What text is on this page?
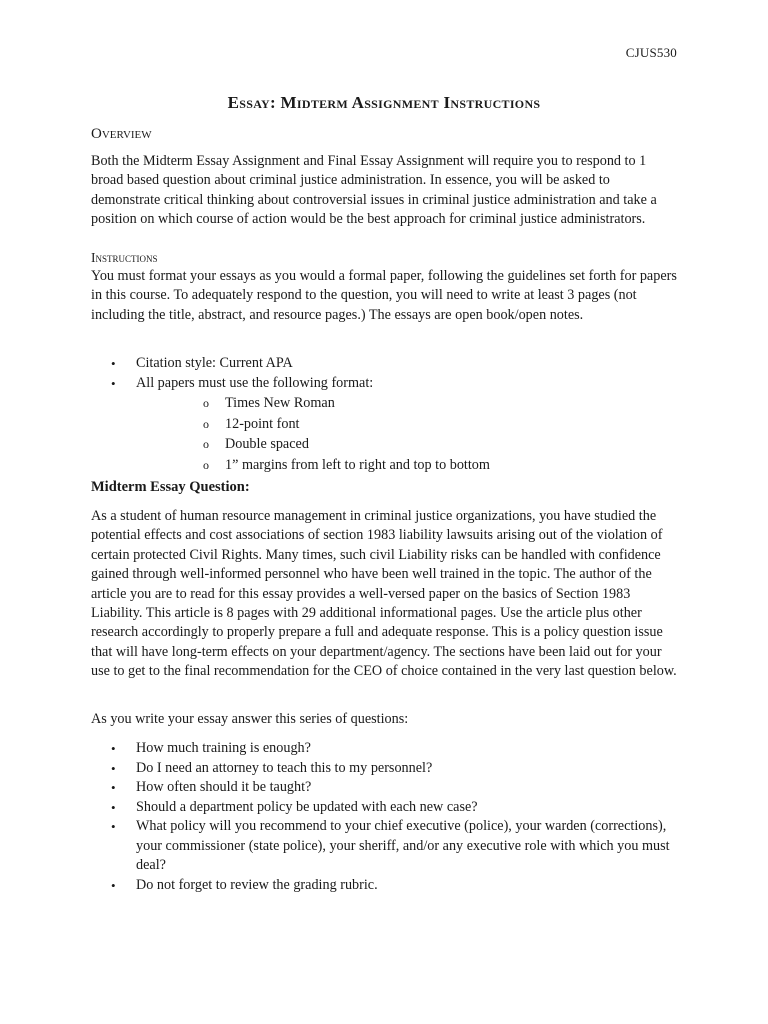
CJUS530
Essay: Midterm Assignment Instructions
Overview

Both the Midterm Essay Assignment and Final Essay Assignment will require you to respond to 1 broad based question about criminal justice administration. In essence, you will be asked to demonstrate critical thinking about controversial issues in criminal justice administration and take a position on which course of action would be the best approach for criminal justice administrators.

Instructions

You must format your essays as you would a formal paper, following the guidelines set forth for papers in this course. To adequately respond to the question, you will need to write at least 3 pages (not including the title, abstract, and resource pages.) The essays are open book/open notes.

• Citation style: Current APA
• All papers must use the following format:
o Times New Roman
o 12-point font
o Double spaced
o 1” margins from left to right and top to bottom
Midterm Essay Question:

As a student of human resource management in criminal justice organizations, you have studied the potential effects and cost associations of section 1983 liability lawsuits arising out of the violation of certain protected Civil Rights. Many times, such civil Liability risks can be handled with confidence gained through well-informed personnel who have been well trained in the topic. The author of the article you are to read for this essay provides a well-versed paper on the basics of Section 1983 Liability. This article is 8 pages with 29 additional informational pages. Use the article plus other research accordingly to properly prepare a full and adequate response. This is a policy question issue that will have long-term effects on your department/agency. The sections have been laid out for your use to get to the final recommendation for the CEO of choice contained in the very last question below.

As you write your essay answer this series of questions:

• How much training is enough?
• Do I need an attorney to teach this to my personnel?
• How often should it be taught?
• Should a department policy be updated with each new case?
• What policy will you recommend to your chief executive (police), your warden (corrections), your commissioner (state police), your sheriff, and/or any executive role with which you must deal?
• Do not forget to review the grading rubric.
